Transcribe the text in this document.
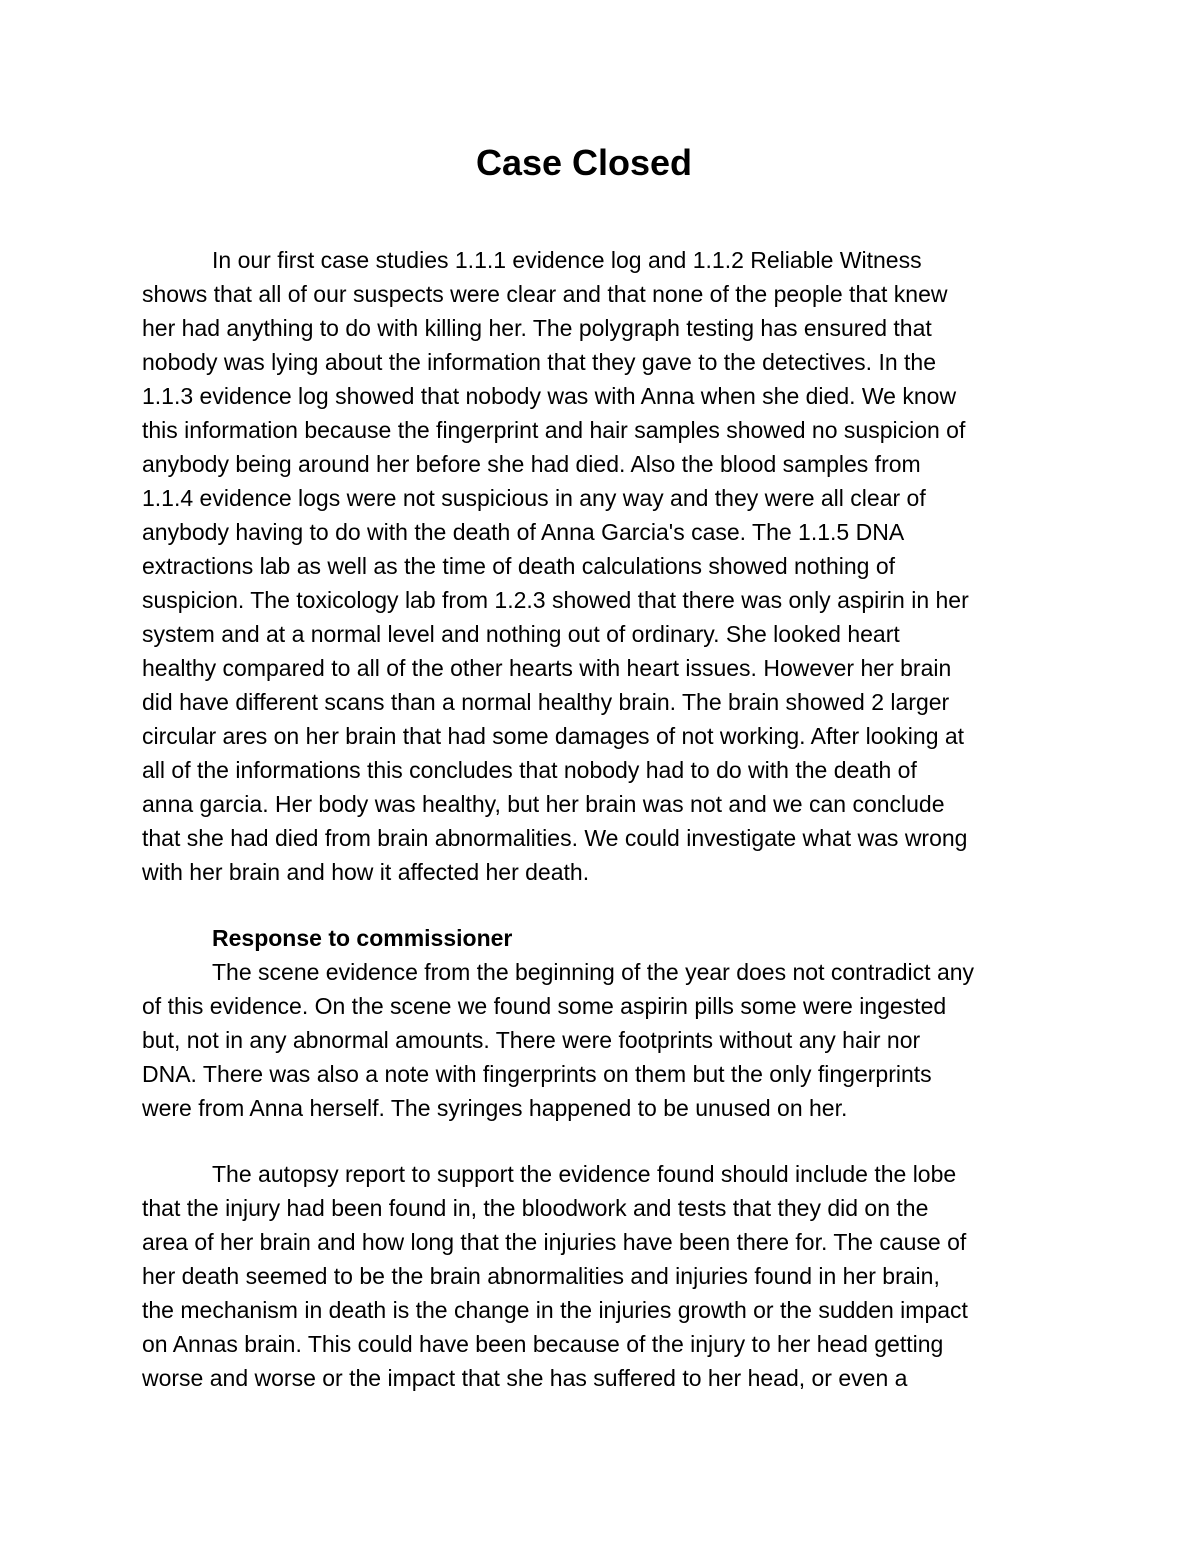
Case Closed
In our first case studies 1.1.1 evidence log and 1.1.2 Reliable Witness
shows that all of our suspects were clear and that none of the people that knew
her had anything to do with killing her. The polygraph testing has ensured that
nobody was lying about the information that they gave to the detectives. In the
1.1.3 evidence log showed that nobody was with Anna when she died. We know
this information because the fingerprint and hair samples showed no suspicion of
anybody being around her before she had died. Also the blood samples from
1.1.4 evidence logs were not suspicious in any way and they were all clear of
anybody having to do with the death of Anna Garcia's case. The 1.1.5 DNA
extractions lab as well as the time of death calculations showed nothing of
suspicion. The toxicology lab from 1.2.3 showed that there was only aspirin in her
system and at a normal level and nothing out of ordinary. She looked heart
healthy compared to all of the other hearts with heart issues. However her brain
did have different scans than a normal healthy brain. The brain showed 2 larger
circular ares on her brain that had some damages of not working. After looking at
all of the informations this concludes that nobody had to do with the death of
anna garcia. Her body was healthy, but her brain was not and we can conclude
that she had died from brain abnormalities. We could investigate what was wrong
with her brain and how it affected her death.
Response to commissioner
The scene evidence from the beginning of the year does not contradict any
of this evidence. On the scene we found some aspirin pills some were ingested
but, not in any abnormal amounts. There were footprints without any hair nor
DNA. There was also a note with fingerprints on them but the only fingerprints
were from Anna herself. The syringes happened to be unused on her.
The autopsy report to support the evidence found should include the lobe
that the injury had been found in, the bloodwork and tests that they did on the
area of her brain and how long that the injuries have been there for. The cause of
her death seemed to be the brain abnormalities and injuries found in her brain,
the mechanism in death is the change in the injuries growth or the sudden impact
on Annas brain. This could have been because of the injury to her head getting
worse and worse or the impact that she has suffered to her head, or even a
